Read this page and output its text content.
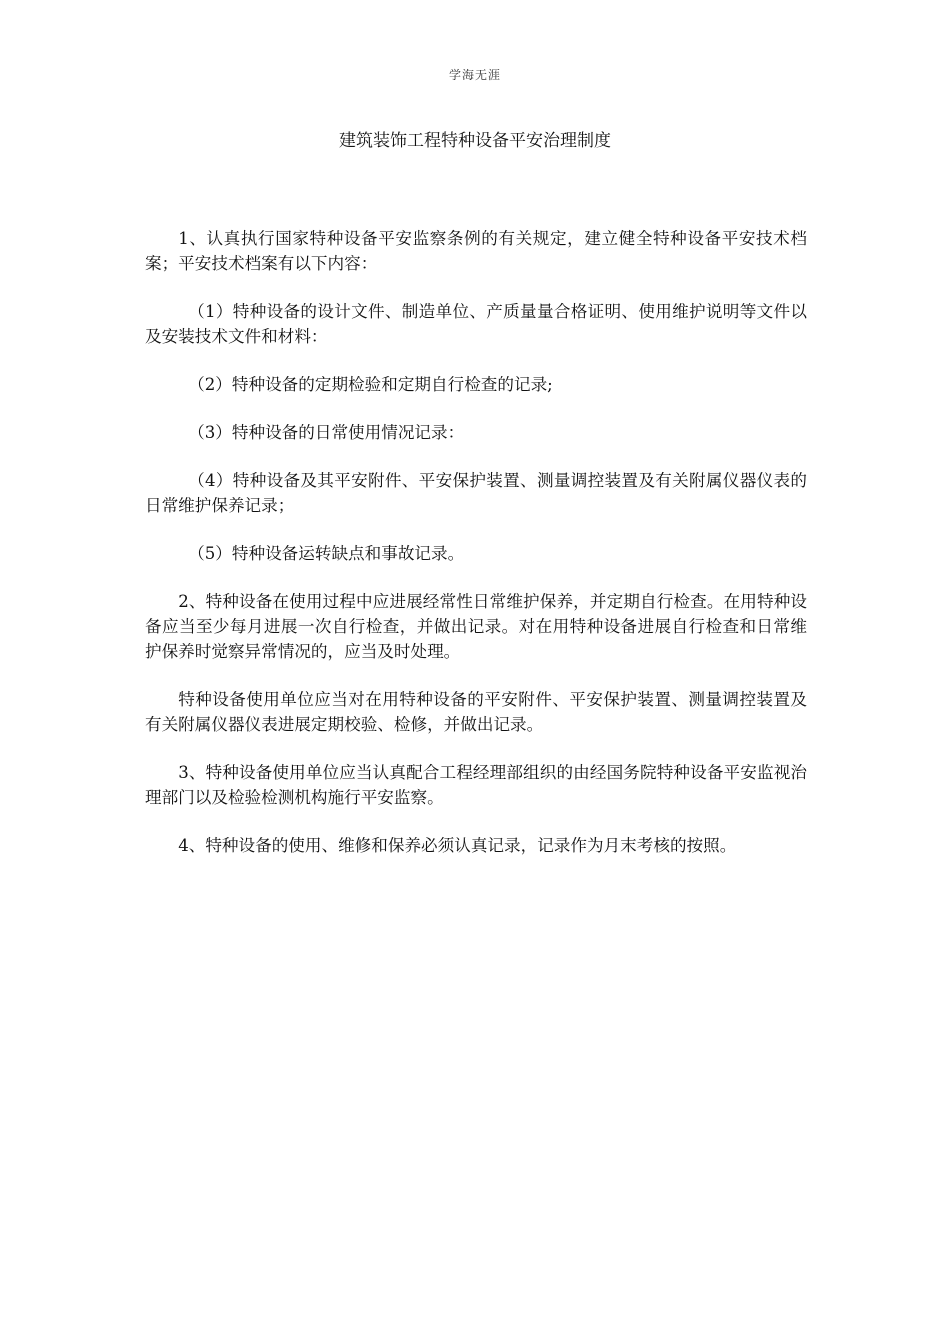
学海无涯
建筑装饰工程特种设备平安治理制度

1、认真执行国家特种设备平安监察条例的有关规定，建立健全特种设备平安技术档案；平安技术档案有以下内容：

（1）特种设备的设计文件、制造单位、产质量量合格证明、使用维护说明等文件以及安装技术文件和材料：

（2）特种设备的定期检验和定期自行检查的记录;

（3）特种设备的日常使用情况记录：

（4）特种设备及其平安附件、平安保护装置、测量调控装置及有关附属仪器仪表的日常维护保养记录；

（5）特种设备运转缺点和事故记录。

2、特种设备在使用过程中应进展经常性日常维护保养，并定期自行检查。在用特种设备应当至少每月进展一次自行检查，并做出记录。对在用特种设备进展自行检查和日常维护保养时觉察异常情况的，应当及时处理。

特种设备使用单位应当对在用特种设备的平安附件、平安保护装置、测量调控装置及有关附属仪器仪表进展定期校验、检修，并做出记录。

3、特种设备使用单位应当认真配合工程经理部组织的由经国务院特种设备平安监视治理部门以及检验检测机构施行平安监察。

4、特种设备的使用、维修和保养必须认真记录，记录作为月末考核的按照。
